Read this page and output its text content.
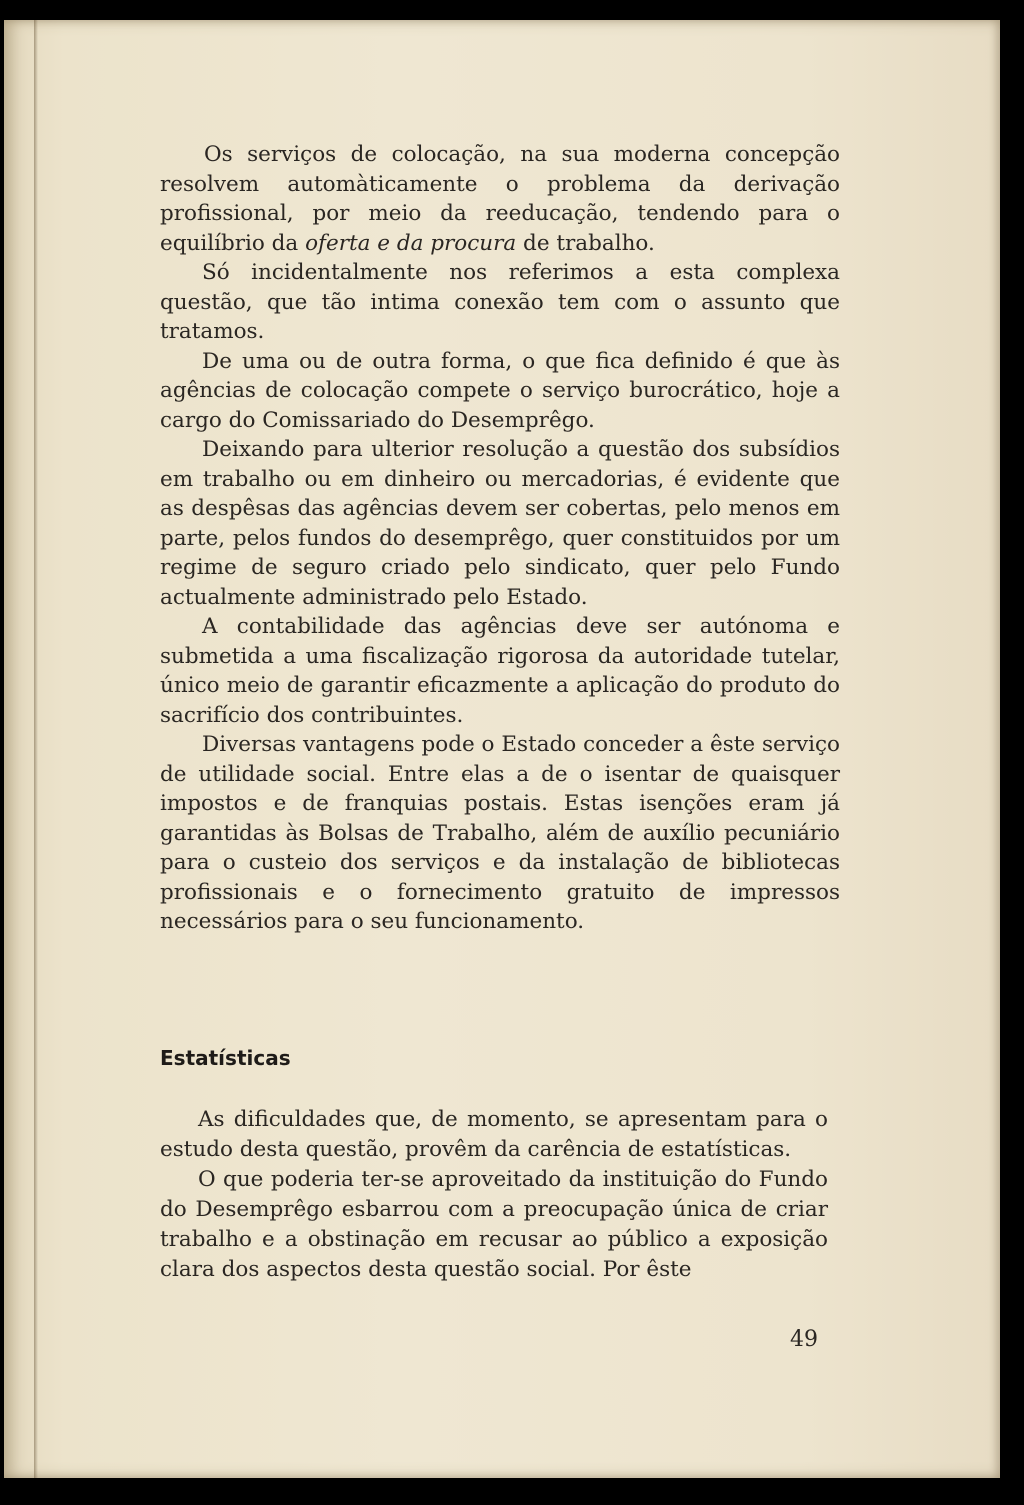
Os serviços de colocação, na sua moderna concepção resolvem automàticamente o problema da derivação profissional, por meio da reeducação, tendendo para o equilíbrio da oferta e da procura de trabalho.

Só incidentalmente nos referimos a esta complexa questão, que tão intima conexão tem com o assunto que tratamos.

De uma ou de outra forma, o que fica definido é que às agências de colocação compete o serviço burocrático, hoje a cargo do Comissariado do Desemprêgo.

Deixando para ulterior resolução a questão dos subsídios em trabalho ou em dinheiro ou mercadorias, é evidente que as despêsas das agências devem ser cobertas, pelo menos em parte, pelos fundos do desemprêgo, quer constituidos por um regime de seguro criado pelo sindicato, quer pelo Fundo actualmente administrado pelo Estado.

A contabilidade das agências deve ser autónoma e submetida a uma fiscalização rigorosa da autoridade tutelar, único meio de garantir eficazmente a aplicação do produto do sacrifício dos contribuintes.

Diversas vantagens pode o Estado conceder a êste serviço de utilidade social. Entre elas a de o isentar de quaisquer impostos e de franquias postais. Estas isenções eram já garantidas às Bolsas de Trabalho, além de auxílio pecuniário para o custeio dos serviços e da instalação de bibliotecas profissionais e o fornecimento gratuito de impressos necessários para o seu funcionamento.

Estatísticas

As dificuldades que, de momento, se apresentam para o estudo desta questão, provêm da carência de estatísticas.

O que poderia ter-se aproveitado da instituição do Fundo do Desemprêgo esbarrou com a preocupação única de criar trabalho e a obstinação em recusar ao público a exposição clara dos aspectos desta questão social. Por êste

49
